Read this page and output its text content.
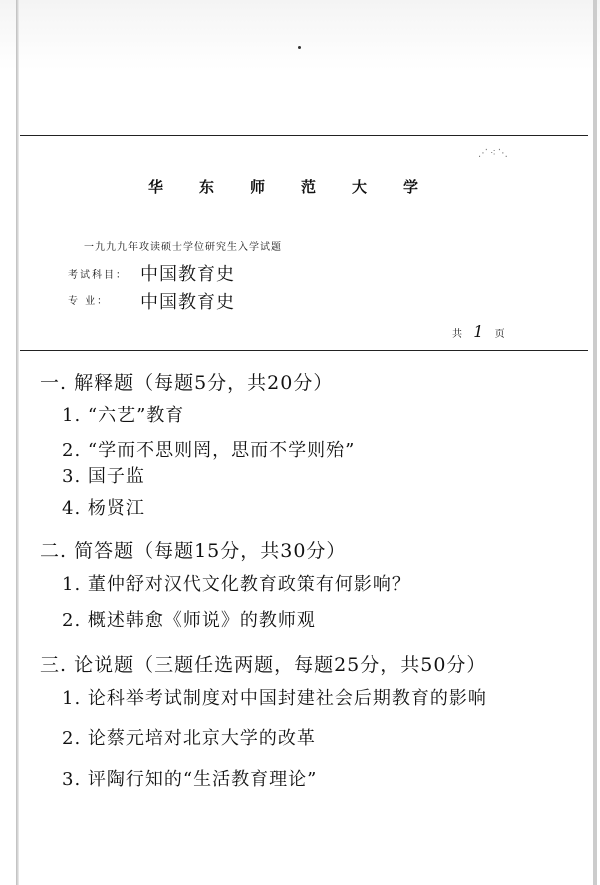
⋰⁖⋱
华东师范大学
一九九九年攻读硕士学位研究生入学试题
考试科目： 中国教育史
专 业： 中国教育史
共 1 页
一. 解释题（每题5分，共20分）
1. “六艺”教育
2. “学而不思则罔，思而不学则殆”
3. 国子监
4. 杨贤江
二. 简答题（每题15分，共30分）
1. 董仲舒对汉代文化教育政策有何影响？
2. 概述韩愈《师说》的教师观
三. 论说题（三题任选两题，每题25分，共50分）
1. 论科举考试制度对中国封建社会后期教育的影响
2. 论蔡元培对北京大学的改革
3. 评陶行知的“生活教育理论”
